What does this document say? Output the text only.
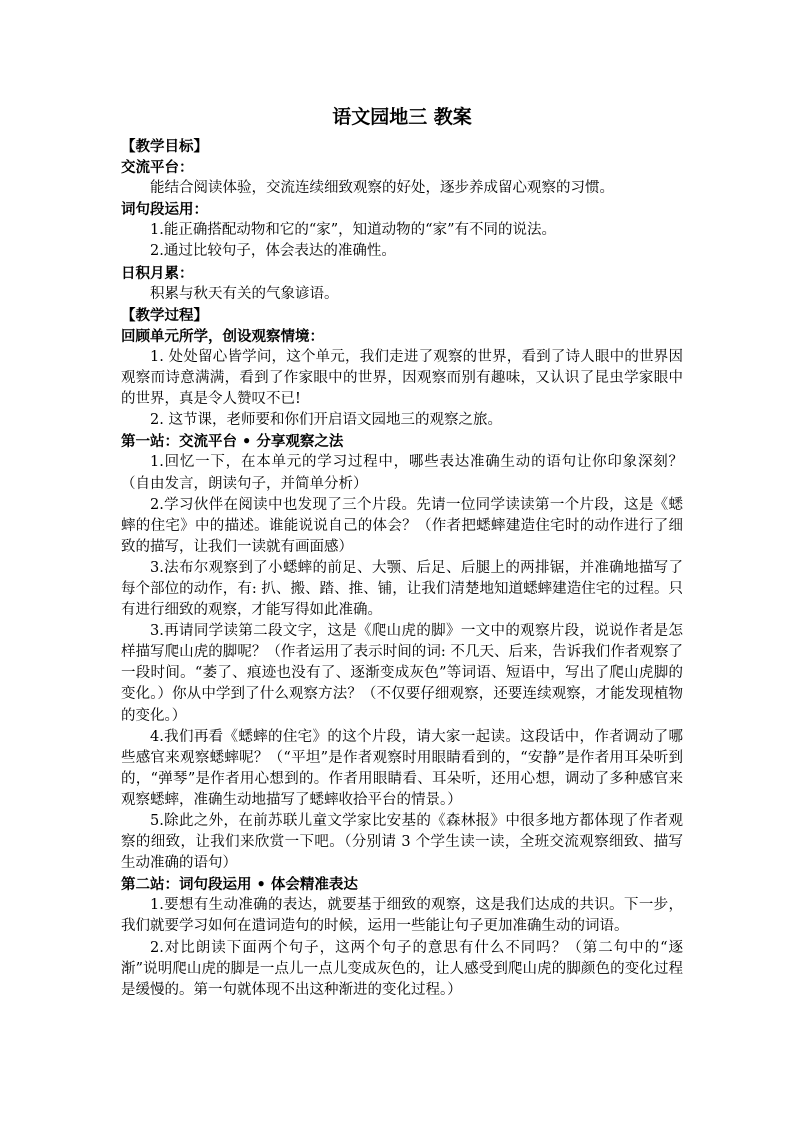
语文园地三 教案
【教学目标】
交流平台：

能结合阅读体验，交流连续细致观察的好处，逐步养成留心观察的习惯。

词句段运用：

1.能正确搭配动物和它的“家”，知道动物的“家”有不同的说法。

2.通过比较句子，体会表达的准确性。

日积月累：

积累与秋天有关的气象谚语。

【教学过程】
回顾单元所学，创设观察情境：

1. 处处留心皆学问，这个单元，我们走进了观察的世界，看到了诗人眼中的世界因观察而诗意满满，看到了作家眼中的世界，因观察而别有趣味，又认识了昆虫学家眼中的世界，真是令人赞叹不已!

2. 这节课，老师要和你们开启语文园地三的观察之旅。

第一站：交流平台 • 分享观察之法

1.回忆一下，在本单元的学习过程中，哪些表达准确生动的语句让你印象深刻？（自由发言，朗读句子，并简单分析）

2.学习伙伴在阅读中也发现了三个片段。先请一位同学读读第一个片段，这是《蟋蟀的住宅》中的描述。谁能说说自己的体会？（作者把蟋蟀建造住宅时的动作进行了细致的描写，让我们一读就有画面感）

3.法布尔观察到了小蟋蟀的前足、大颚、后足、后腿上的两排锯，并准确地描写了每个部位的动作，有: 扒、搬、踏、推、铺，让我们清楚地知道蟋蟀建造住宅的过程。只有进行细致的观察，才能写得如此准确。

3.再请同学读第二段文字，这是《爬山虎的脚》一文中的观察片段，说说作者是怎样描写爬山虎的脚呢？（作者运用了表示时间的词: 不几天、后来，告诉我们作者观察了一段时间。“萎了、痕迹也没有了、逐渐变成灰色”等词语、短语中，写出了爬山虎脚的变化。）你从中学到了什么观察方法？（不仅要仔细观察，还要连续观察，才能发现植物的变化。）

4.我们再看《蟋蟀的住宅》的这个片段，请大家一起读。这段话中，作者调动了哪些感官来观察蟋蟀呢？（“平坦”是作者观察时用眼睛看到的，“安静”是作者用耳朵听到的，“弹琴”是作者用心想到的。作者用眼睛看、耳朵听，还用心想，调动了多种感官来观察蟋蟀，准确生动地描写了蟋蟀收拾平台的情景。）

5.除此之外，在前苏联儿童文学家比安基的《森林报》中很多地方都体现了作者观察的细致，让我们来欣赏一下吧。（分别请 3 个学生读一读，全班交流观察细致、描写生动准确的语句）

第二站：词句段运用 • 体会精准表达

1.要想有生动准确的表达，就要基于细致的观察，这是我们达成的共识。下一步，我们就要学习如何在遣词造句的时候，运用一些能让句子更加准确生动的词语。

2.对比朗读下面两个句子，这两个句子的意思有什么不同吗？（第二句中的“逐渐”说明爬山虎的脚是一点儿一点儿变成灰色的，让人感受到爬山虎的脚颜色的变化过程是缓慢的。第一句就体现不出这种渐进的变化过程。）
